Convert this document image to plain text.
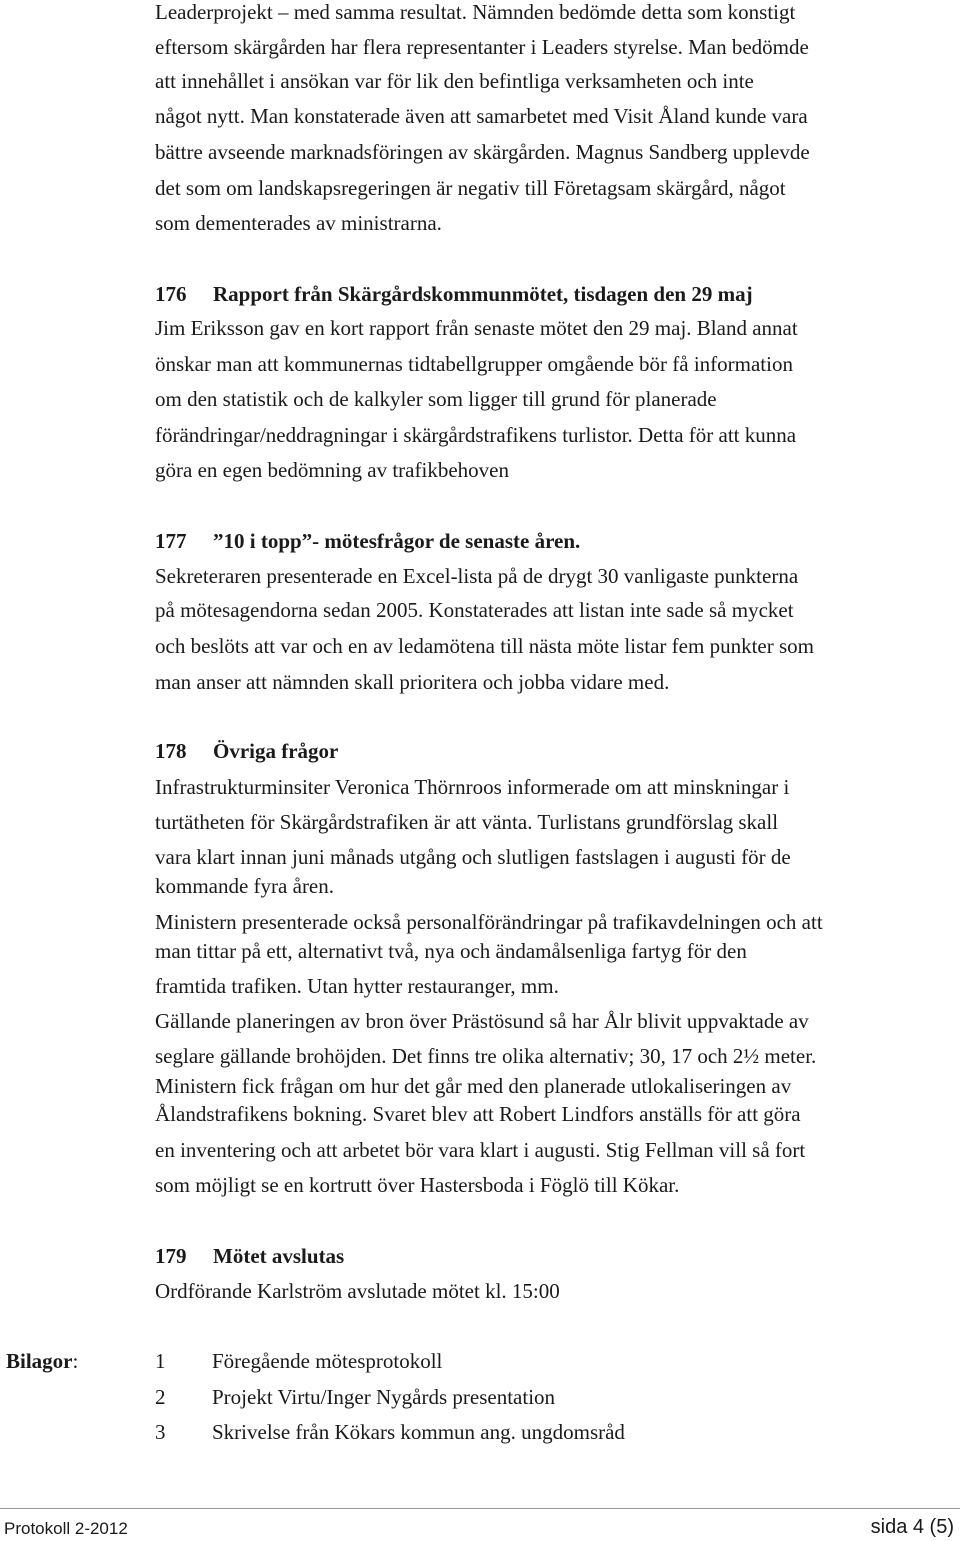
Leaderprojekt – med samma resultat. Nämnden bedömde detta som konstigt
eftersom skärgården har flera representanter i Leaders styrelse. Man bedömde
att innehållet i ansökan var för lik den befintliga verksamheten och inte
något nytt. Man konstaterade även att samarbetet med Visit Åland kunde vara
bättre avseende marknadsföringen av skärgården. Magnus Sandberg upplevde
det som om landskapsregeringen är negativ till Företagsam skärgård, något
som dementerades av ministrarna.
176 Rapport från Skärgårdskommunmötet, tisdagen den 29 maj
Jim Eriksson gav en kort rapport från senaste mötet den 29 maj. Bland annat
önskar man att kommunernas tidtabellgrupper omgående bör få information
om den statistik och de kalkyler som ligger till grund för planerade
förändringar/neddragningar i skärgårdstrafikens turlistor. Detta för att kunna
göra en egen bedömning av trafikbehoven
177 ”10 i topp”- mötesfrågor de senaste åren.
Sekreteraren presenterade en Excel-lista på de drygt 30 vanligaste punkterna
på mötesagendorna sedan 2005. Konstaterades att listan inte sade så mycket
och beslöts att var och en av ledamötena till nästa möte listar fem punkter som
man anser att nämnden skall prioritera och jobba vidare med.
178 Övriga frågor
Infrastrukturminsiter Veronica Thörnroos informerade om att minskningar i
turtätheten för Skärgårdstrafiken är att vänta. Turlistans grundförslag skall
vara klart innan juni månads utgång och slutligen fastslagen i augusti för de
kommande fyra åren.
Ministern presenterade också personalförändringar på trafikavdelningen och att
man tittar på ett, alternativt två, nya och ändamålsenliga fartyg för den
framtida trafiken. Utan hytter restauranger, mm.
Gällande planeringen av bron över Prästösund så har Ålr blivit uppvaktade av
seglare gällande brohöjden. Det finns tre olika alternativ; 30, 17 och 2½ meter.
Ministern fick frågan om hur det går med den planerade utlokaliseringen av
Ålandstrafikens bokning. Svaret blev att Robert Lindfors anställs för att göra
en inventering och att arbetet bör vara klart i augusti. Stig Fellman vill så fort
som möjligt se en kortrutt över Hastersboda i Föglö till Kökar.
179 Mötet avslutas
Ordförande Karlström avslutade mötet kl. 15:00
Bilagor:	1 Föregående mötesprotokoll
2 Projekt Virtu/Inger Nygårds presentation
3 Skrivelse från Kökars kommun ang. ungdomsråd
Protokoll 2-2012	sida 4 (5)
